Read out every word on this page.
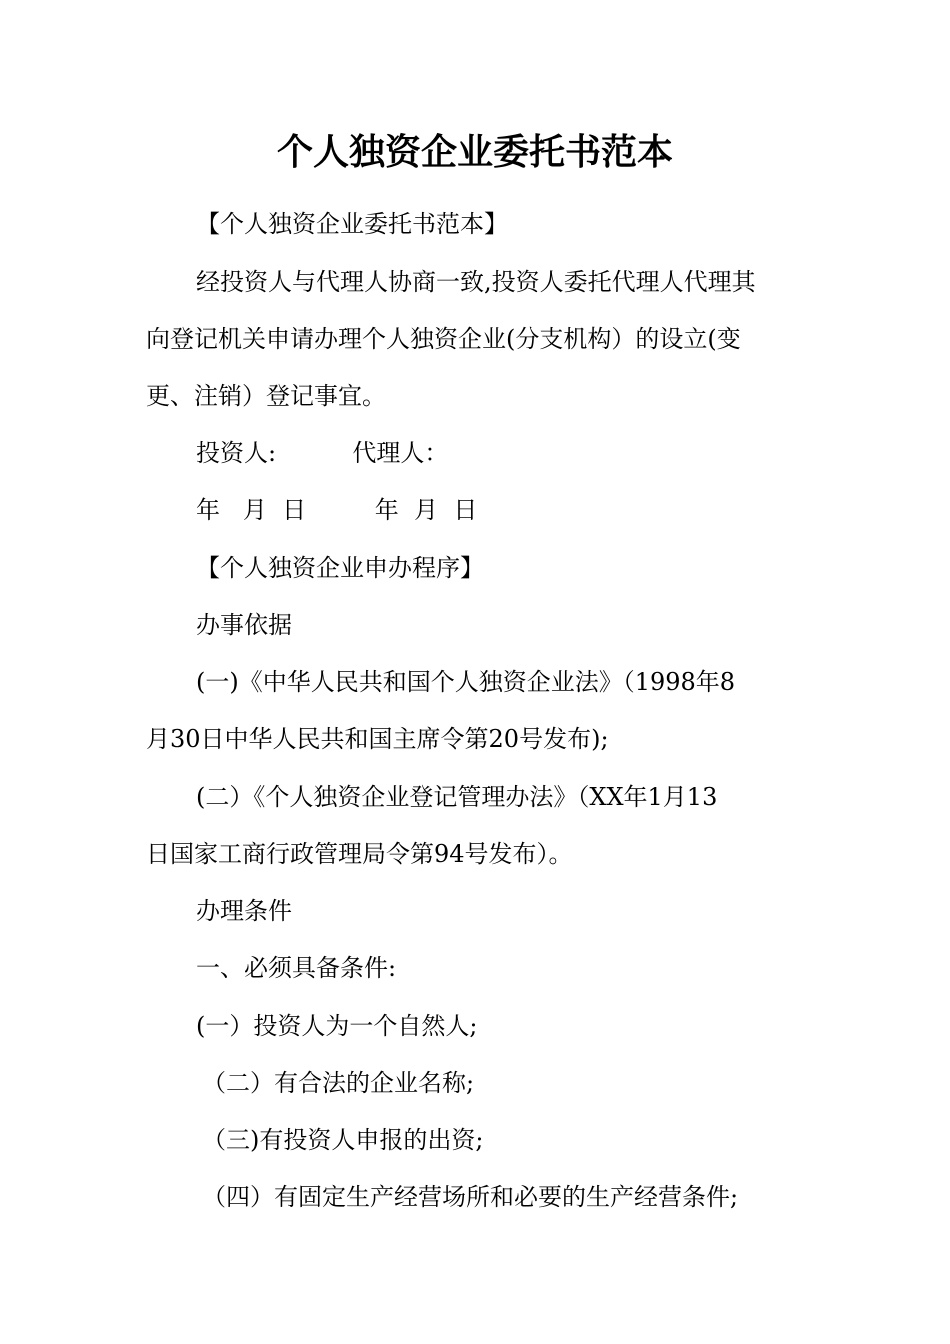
个人独资企业委托书范本
【个人独资企业委托书范本】
经投资人与代理人协商一致,投资人委托代理人代理其
向登记机关申请办理个人独资企业(分支机构）的设立(变
更、注销）登记事宜。
投资人:          代理人：
年   月  日         年  月  日
【个人独资企业申办程序】
办事依据
(一)《中华人民共和国个人独资企业法》（1998年8
月30日中华人民共和国主席令第20号发布);
(二）《个人独资企业登记管理办法》（XX年1月13
日国家工商行政管理局令第94号发布）。
办理条件
一、必须具备条件:
(一）投资人为一个自然人;
（二）有合法的企业名称;
（三)有投资人申报的出资;
（四）有固定生产经营场所和必要的生产经营条件;
